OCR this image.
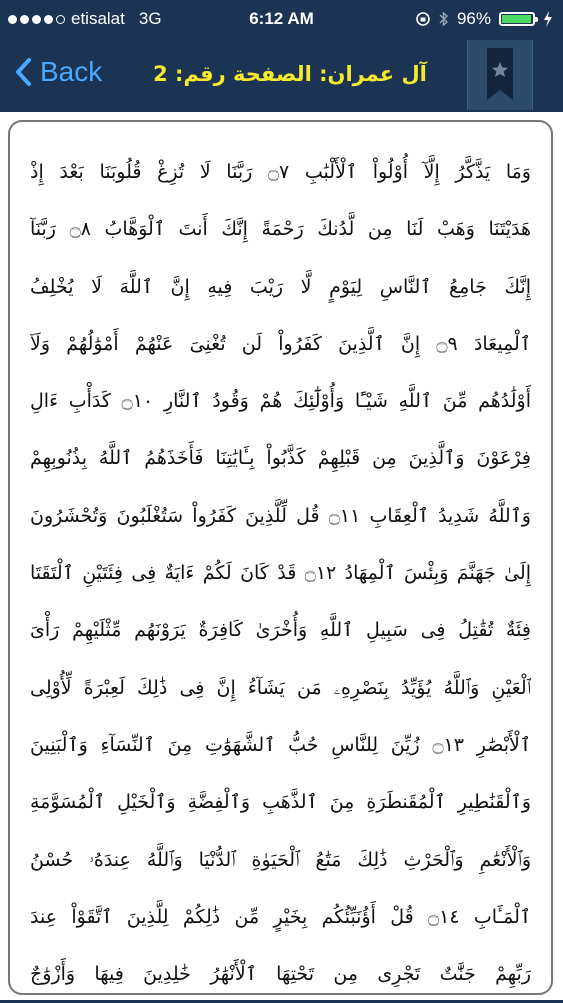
etisalat 3G	6:12 AM	96%
Back	آل عمران: الصفحة رقم: 2
وَمَا يَذَّكَّرُ إِلَّآ أُوْلُواْ ٱلْأَلْبَٰبِ ۝٧ رَبَّنَا لَا تُزِغْ قُلُوبَنَا بَعْدَ إِذْ
هَدَيْتَنَا وَهَبْ لَنَا مِن لَّدُنكَ رَحْمَةً إِنَّكَ أَنتَ ٱلْوَهَّابُ ۝٨ رَبَّنَآ
إِنَّكَ جَامِعُ ٱلنَّاسِ لِيَوْمٍ لَّا رَيْبَ فِيهِ إِنَّ ٱللَّهَ لَا يُخْلِفُ
ٱلْمِيعَادَ ۝٩ إِنَّ ٱلَّذِينَ كَفَرُواْ لَن تُغْنِىَ عَنْهُمْ أَمْوَٰلُهُمْ وَلَآ
أَوْلَٰدُهُم مِّنَ ٱللَّهِ شَيْـًٔا وَأُوْلَٰٓئِكَ هُمْ وَقُودُ ٱلنَّارِ ۝١٠ كَدَأْبِ ءَالِ
فِرْعَوْنَ وَٱلَّذِينَ مِن قَبْلِهِمْ كَذَّبُواْ بِـَٔايَٰتِنَا فَأَخَذَهُمُ ٱللَّهُ بِذُنُوبِهِمْ
وَٱللَّهُ شَدِيدُ ٱلْعِقَابِ ۝١١ قُل لِّلَّذِينَ كَفَرُواْ سَتُغْلَبُونَ وَتُحْشَرُونَ
إِلَىٰ جَهَنَّمَ وَبِئْسَ ٱلْمِهَادُ ۝١٢ قَدْ كَانَ لَكُمْ ءَايَةٌ فِى فِئَتَيْنِ ٱلْتَقَتَا
فِئَةٌ تُقَٰتِلُ فِى سَبِيلِ ٱللَّهِ وَأُخْرَىٰ كَافِرَةٌ يَرَوْنَهُم مِّثْلَيْهِمْ رَأْىَ
ٱلْعَيْنِ وَٱللَّهُ يُؤَيِّدُ بِنَصْرِهِۦ مَن يَشَآءُ إِنَّ فِى ذَٰلِكَ لَعِبْرَةً لِّأُوْلِى
ٱلْأَبْصَٰرِ ۝١٣ زُيِّنَ لِلنَّاسِ حُبُّ ٱلشَّهَوَٰتِ مِنَ ٱلنِّسَآءِ وَٱلْبَنِينَ
وَٱلْقَنَٰطِيرِ ٱلْمُقَنطَرَةِ مِنَ ٱلذَّهَبِ وَٱلْفِضَّةِ وَٱلْخَيْلِ ٱلْمُسَوَّمَةِ
وَٱلْأَنْعَٰمِ وَٱلْحَرْثِ ذَٰلِكَ مَتَٰعُ ٱلْحَيَوٰةِ ٱلدُّنْيَا وَٱللَّهُ عِندَهُۥ حُسْنُ
ٱلْمَـَٔابِ ۝١٤ قُلْ أَؤُنَبِّئُكُم بِخَيْرٍ مِّن ذَٰلِكُمْ لِلَّذِينَ ٱتَّقَوْاْ عِندَ
رَبِّهِمْ جَنَّٰتٌ تَجْرِى مِن تَحْتِهَا ٱلْأَنْهَٰرُ خَٰلِدِينَ فِيهَا وَأَزْوَٰجٌ
